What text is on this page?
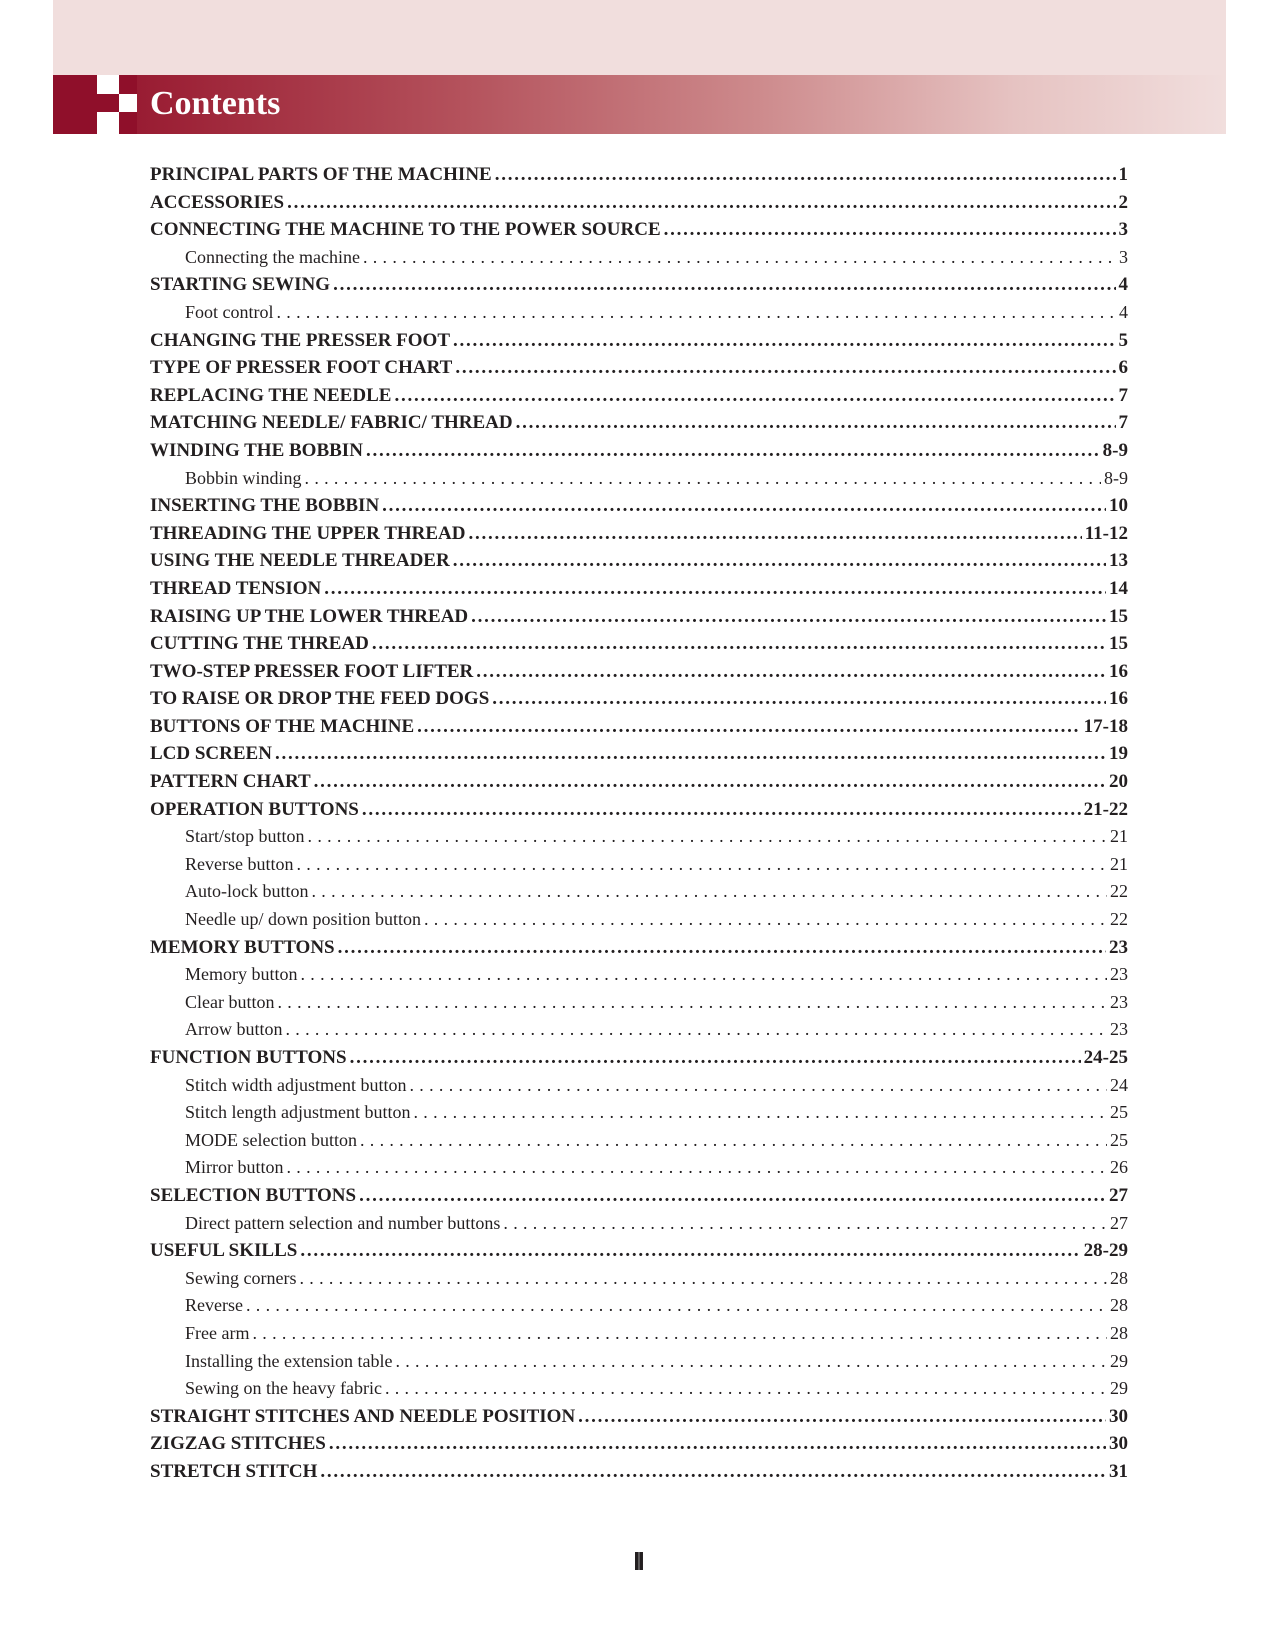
Contents
PRINCIPAL PARTS OF THE MACHINE . . .	1
ACCESSORIES . . .	2
CONNECTING THE MACHINE TO THE POWER SOURCE . . .	3
Connecting the machine . . .	3
STARTING SEWING . . .	4
Foot control . . .	4
CHANGING THE PRESSER FOOT . . .	5
TYPE OF PRESSER FOOT CHART . . .	6
REPLACING THE NEEDLE . . .	7
MATCHING NEEDLE/ FABRIC/ THREAD . . .	7
WINDING THE BOBBIN . . .	8-9
Bobbin winding . . .	8-9
INSERTING THE BOBBIN . . .	10
THREADING THE UPPER THREAD . . .	11-12
USING THE NEEDLE THREADER . . .	13
THREAD TENSION . . .	14
RAISING UP THE LOWER THREAD . . .	15
CUTTING THE THREAD . . .	15
TWO-STEP PRESSER FOOT LIFTER . . .	16
TO RAISE OR DROP THE FEED DOGS . . .	16
BUTTONS OF THE MACHINE . . .	17-18
LCD SCREEN . . .	19
PATTERN CHART . . .	20
OPERATION BUTTONS . . .	21-22
Start/stop button . . .	21
Reverse button . . .	21
Auto-lock button . . .	22
Needle up/ down position button . . .	22
MEMORY BUTTONS . . .	23
Memory button . . .	23
Clear button . . .	23
Arrow button . . .	23
FUNCTION BUTTONS . . .	24-25
Stitch width adjustment button . . .	24
Stitch length adjustment button . . .	25
MODE selection button . . .	25
Mirror button . . .	26
SELECTION BUTTONS . . .	27
Direct pattern selection and number buttons . . .	27
USEFUL SKILLS . . .	28-29
Sewing corners . . .	28
Reverse . . .	28
Free arm . . .	28
Installing the extension table . . .	29
Sewing on the heavy fabric . . .	29
STRAIGHT STITCHES AND NEEDLE POSITION . . .	30
ZIGZAG STITCHES . . .	30
STRETCH STITCH . . .	31
II
